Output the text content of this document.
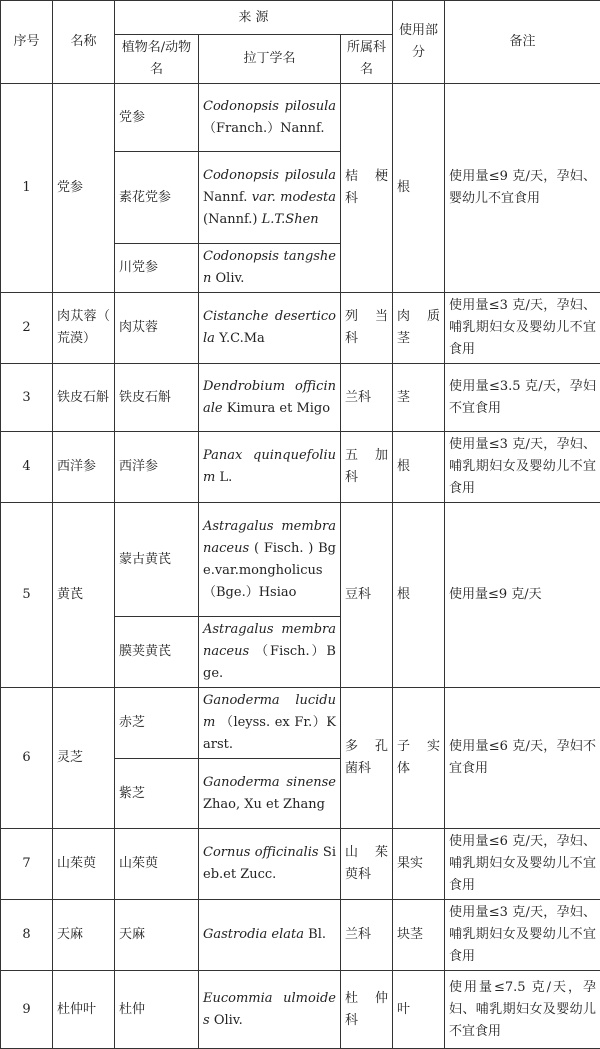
序号	名称	来 源			使用部分	备注
		植物名/动物名	拉丁学名	所属科名		
1	党参	党参	Codonopsis pilosula （Franch.）Nannf.	桔 梗 科	根	使用量≤9 克/天，孕妇、婴幼儿不宜食用
		素花党参	Codonopsis pilosula Nannf. var. modesta (Nannf.) L.T.Shen			
		川党参	Codonopsis tangshen Oliv.			
2	肉苁蓉（ 荒漠）	肉苁蓉	Cistanche deserticola Y.C.Ma	列 当 科	肉 质 茎	使用量≤3 克/天，孕妇、哺乳期妇女及婴幼儿不宜食用
3	铁皮石斛	铁皮石斛	Dendrobium officinale Kimura et Migo	兰科	茎	使用量≤3.5 克/天，孕妇不宜食用
4	西洋参	西洋参	Panax quinquefolium L.	五 加 科	根	使用量≤3 克/天，孕妇、哺乳期妇女及婴幼儿不宜食用
5	黄芪	蒙古黄芪	Astragalus membranaceus ( Fisch. ) Bge.var.mongholicus（Bge.）Hsiao	豆科	根	使用量≤9 克/天
		膜荚黄芪	Astragalus membranaceus （Fisch.）Bge.			
6	灵芝	赤芝	Ganoderma lucidum （leyss. ex Fr.）Karst.	多 孔 菌科	子 实 体	使用量≤6 克/天，孕妇不宜食用
		紫芝	Ganoderma sinense Zhao, Xu et Zhang			
7	山茱萸	山茱萸	Cornus officinalis Sieb.et Zucc.	山 茱 萸科	果实	使用量≤6 克/天，孕妇、哺乳期妇女及婴幼儿不宜食用
8	天麻	天麻	Gastrodia elata Bl.	兰科	块茎	使用量≤3 克/天，孕妇、哺乳期妇女及婴幼儿不宜食用
9	杜仲叶	杜仲	Eucommia ulmoides Oliv.	杜 仲 科	叶	使用量≤7.5 克/天，孕妇、哺乳期妇女及婴幼儿不宜食用
